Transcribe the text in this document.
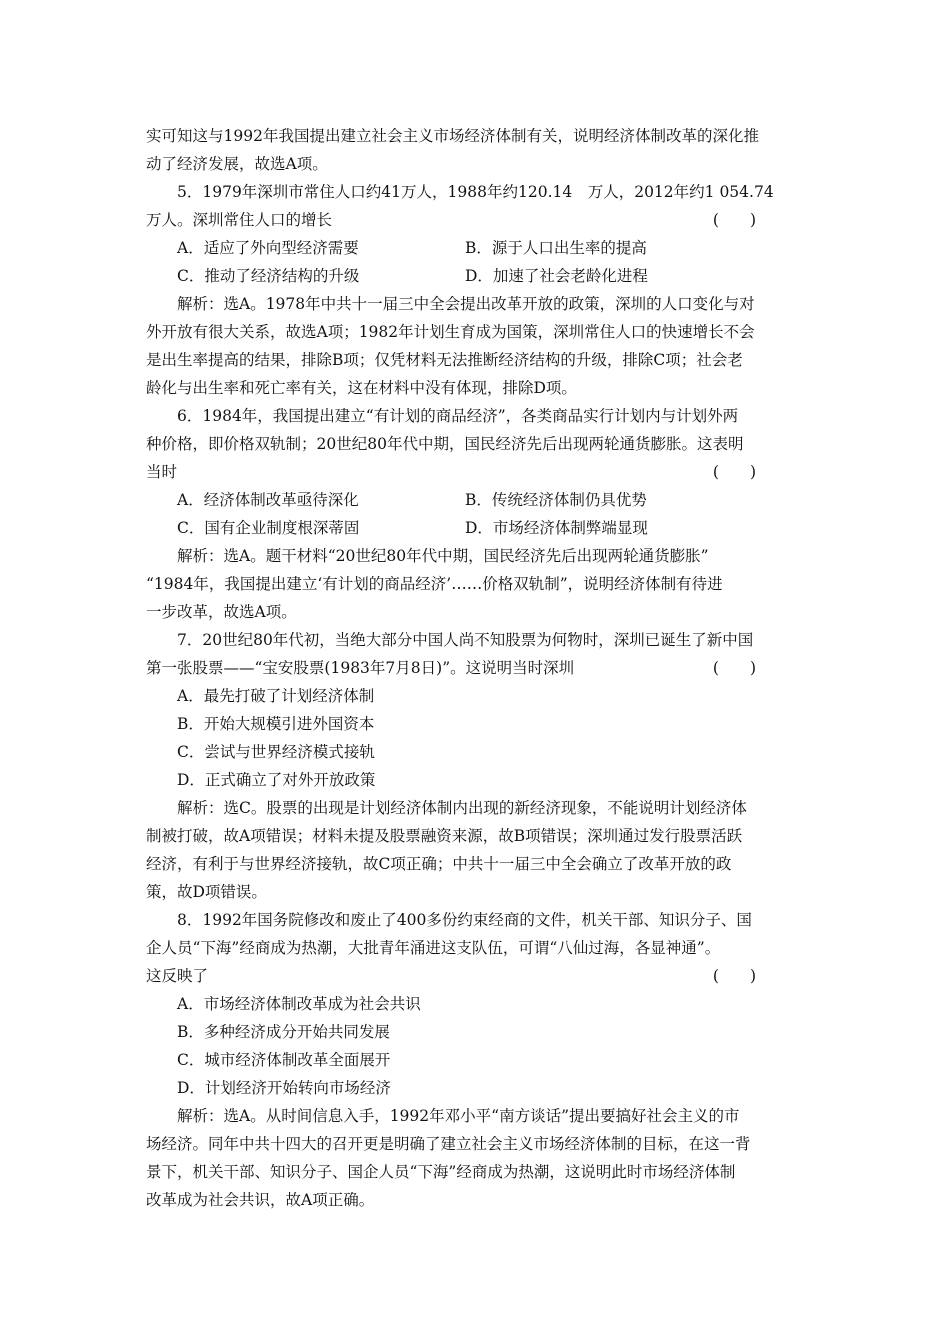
实可知这与1992年我国提出建立社会主义市场经济体制有关，说明经济体制改革的深化推

动了经济发展，故选A项。

5．1979年深圳市常住人口约41万人，1988年约120.14　万人，2012年约1 054.74

万人。深圳常住人口的增长	(　　)
A．适应了外向型经济需要	B．源于人口出生率的提高
C．推动了经济结构的升级	D．加速了社会老龄化进程

解析：选A。1978年中共十一届三中全会提出改革开放的政策，深圳的人口变化与对

外开放有很大关系，故选A项；1982年计划生育成为国策，深圳常住人口的快速增长不会

是出生率提高的结果，排除B项；仅凭材料无法推断经济结构的升级，排除C项；社会老

龄化与出生率和死亡率有关，这在材料中没有体现，排除D项。

6．1984年，我国提出建立“有计划的商品经济”，各类商品实行计划内与计划外两

种价格，即价格双轨制；20世纪80年代中期，国民经济先后出现两轮通货膨胀。这表明

当时	(　　)
A．经济体制改革亟待深化	B．传统经济体制仍具优势
C．国有企业制度根深蒂固	D．市场经济体制弊端显现

解析：选A。题干材料“20世纪80年代中期，国民经济先后出现两轮通货膨胀”

“1984年，我国提出建立‘有计划的商品经济’……价格双轨制”，说明经济体制有待进

一步改革，故选A项。

7．20世纪80年代初，当绝大部分中国人尚不知股票为何物时，深圳已诞生了新中国

第一张股票——“宝安股票(1983年7月8日)”。这说明当时深圳	(　　)

A．最先打破了计划经济体制

B．开始大规模引进外国资本

C．尝试与世界经济模式接轨

D．正式确立了对外开放政策

解析：选C。股票的出现是计划经济体制内出现的新经济现象，不能说明计划经济体

制被打破，故A项错误；材料未提及股票融资来源，故B项错误；深圳通过发行股票活跃

经济，有利于与世界经济接轨，故C项正确；中共十一届三中全会确立了改革开放的政

策，故D项错误。

8．1992年国务院修改和废止了400多份约束经商的文件，机关干部、知识分子、国

企人员“下海”经商成为热潮，大批青年涌进这支队伍，可谓“八仙过海，各显神通”。

这反映了	(　　)

A．市场经济体制改革成为社会共识

B．多种经济成分开始共同发展

C．城市经济体制改革全面展开

D．计划经济开始转向市场经济

解析：选A。从时间信息入手，1992年邓小平“南方谈话”提出要搞好社会主义的市

场经济。同年中共十四大的召开更是明确了建立社会主义市场经济体制的目标，在这一背

景下，机关干部、知识分子、国企人员“下海”经商成为热潮，这说明此时市场经济体制

改革成为社会共识，故A项正确。
